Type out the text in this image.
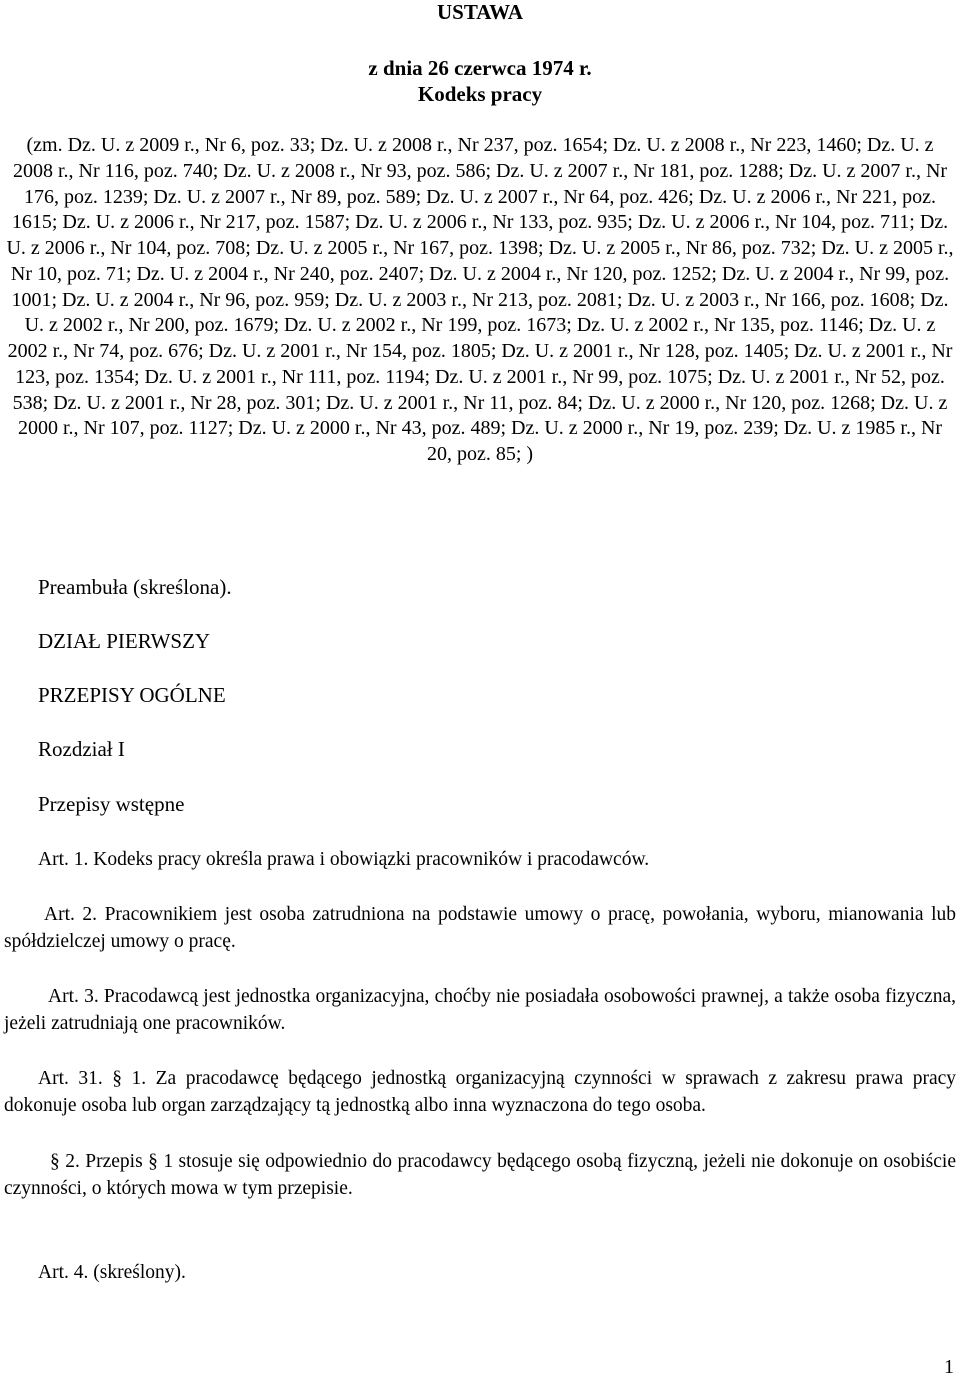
USTAWA

z dnia 26 czerwca 1974 r.

Kodeks pracy

(zm. Dz. U. z 2009 r., Nr 6, poz. 33; Dz. U. z 2008 r., Nr 237, poz. 1654; Dz. U. z 2008 r., Nr 223, 1460; Dz. U. z 2008 r., Nr 116, poz. 740; Dz. U. z 2008 r., Nr 93, poz. 586; Dz. U. z 2007 r., Nr 181, poz. 1288; Dz. U. z 2007 r., Nr 176, poz. 1239; Dz. U. z 2007 r., Nr 89, poz. 589; Dz. U. z 2007 r., Nr 64, poz. 426; Dz. U. z 2006 r., Nr 221, poz. 1615; Dz. U. z 2006 r., Nr 217, poz. 1587; Dz. U. z 2006 r., Nr 133, poz. 935; Dz. U. z 2006 r., Nr 104, poz. 711; Dz. U. z 2006 r., Nr 104, poz. 708; Dz. U. z 2005 r., Nr 167, poz. 1398; Dz. U. z 2005 r., Nr 86, poz. 732; Dz. U. z 2005 r., Nr 10, poz. 71; Dz. U. z 2004 r., Nr 240, poz. 2407; Dz. U. z 2004 r., Nr 120, poz. 1252; Dz. U. z 2004 r., Nr 99, poz. 1001; Dz. U. z 2004 r., Nr 96, poz. 959; Dz. U. z 2003 r., Nr 213, poz. 2081; Dz. U. z 2003 r., Nr 166, poz. 1608; Dz. U. z 2002 r., Nr 200, poz. 1679; Dz. U. z 2002 r., Nr 199, poz. 1673; Dz. U. z 2002 r., Nr 135, poz. 1146; Dz. U. z 2002 r., Nr 74, poz. 676; Dz. U. z 2001 r., Nr 154, poz. 1805; Dz. U. z 2001 r., Nr 128, poz. 1405; Dz. U. z 2001 r., Nr 123, poz. 1354; Dz. U. z 2001 r., Nr 111, poz. 1194; Dz. U. z 2001 r., Nr 99, poz. 1075; Dz. U. z 2001 r., Nr 52, poz. 538; Dz. U. z 2001 r., Nr 28, poz. 301; Dz. U. z 2001 r., Nr 11, poz. 84; Dz. U. z 2000 r., Nr 120, poz. 1268; Dz. U. z 2000 r., Nr 107, poz. 1127; Dz. U. z 2000 r., Nr 43, poz. 489; Dz. U. z 2000 r., Nr 19, poz. 239; Dz. U. z 1985 r., Nr 20, poz. 85; )

Preambuła (skreślona).

DZIAŁ PIERWSZY

PRZEPISY OGÓLNE

Rozdział I

Przepisy wstępne

Art. 1. Kodeks pracy określa prawa i obowiązki pracowników i pracodawców.

Art. 2. Pracownikiem jest osoba zatrudniona na podstawie umowy o pracę, powołania, wyboru, mianowania lub spółdzielczej umowy o pracę.

Art. 3. Pracodawcą jest jednostka organizacyjna, choćby nie posiadała osobowości prawnej, a także osoba fizyczna, jeżeli zatrudniają one pracowników.

Art. 31. § 1. Za pracodawcę będącego jednostką organizacyjną czynności w sprawach z zakresu prawa pracy dokonuje osoba lub organ zarządzający tą jednostką albo inna wyznaczona do tego osoba.

§ 2. Przepis § 1 stosuje się odpowiednio do pracodawcy będącego osobą fizyczną, jeżeli nie dokonuje on osobiście czynności, o których mowa w tym przepisie.

Art. 4. (skreślony).

1
